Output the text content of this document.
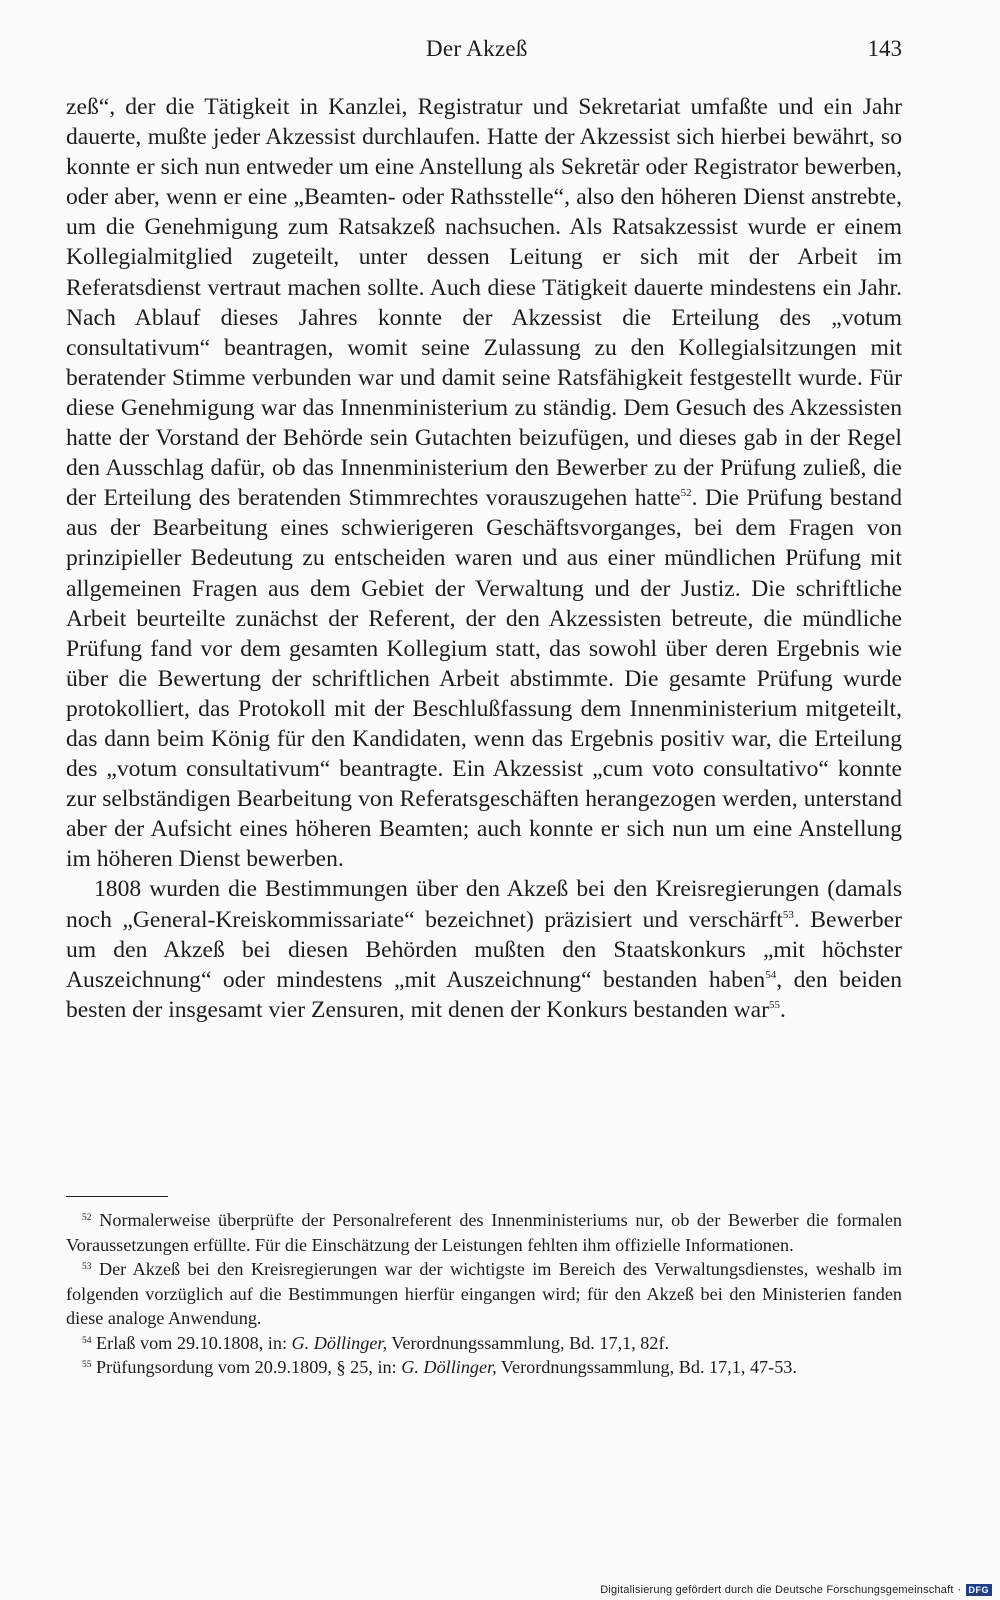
Der Akzeß	143

zeß“, der die Tätigkeit in Kanzlei, Registratur und Sekretariat umfaßte und ein Jahr dauerte, mußte jeder Akzessist durchlaufen. Hatte der Akzessist sich hierbei bewährt, so konnte er sich nun entweder um eine Anstellung als Sekretär oder Registrator bewerben, oder aber, wenn er eine „Beamten- oder Rathsstelle“, also den höheren Dienst anstrebte, um die Genehmigung zum Ratsakzeß nachsuchen. Als Ratsakzessist wurde er einem Kollegialmitglied zugeteilt, unter dessen Leitung er sich mit der Arbeit im Referatsdienst vertraut machen sollte. Auch diese Tätigkeit dauerte mindestens ein Jahr. Nach Ablauf dieses Jahres konnte der Akzessist die Erteilung des „votum consultativum“ beantragen, womit seine Zulassung zu den Kollegialsitzungen mit beratender Stimme verbunden war und damit seine Ratsfähigkeit festgestellt wurde. Für diese Genehmigung war das Innenministerium zu ständig. Dem Gesuch des Akzessisten hatte der Vorstand der Behörde sein Gutachten beizufügen, und dieses gab in der Regel den Ausschlag dafür, ob das Innenministerium den Bewerber zu der Prüfung zuließ, die der Erteilung des beratenden Stimmrechtes vorauszugehen hatte$^{52}$. Die Prüfung bestand aus der Bearbeitung eines schwierigeren Geschäftsvorganges, bei dem Fragen von prinzipieller Bedeutung zu entscheiden waren und aus einer mündlichen Prüfung mit allgemeinen Fragen aus dem Gebiet der Verwaltung und der Justiz. Die schriftliche Arbeit beurteilte zunächst der Referent, der den Akzessisten betreute, die mündliche Prüfung fand vor dem gesamten Kollegium statt, das sowohl über deren Ergebnis wie über die Bewertung der schriftlichen Arbeit abstimmte. Die gesamte Prüfung wurde protokolliert, das Protokoll mit der Beschlußfassung dem Innenministerium mitgeteilt, das dann beim König für den Kandidaten, wenn das Ergebnis positiv war, die Erteilung des „votum consultativum“ beantragte. Ein Akzessist „cum voto consultativo“ konnte zur selbständigen Bearbeitung von Referatsgeschäften herangezogen werden, unterstand aber der Aufsicht eines höheren Beamten; auch konnte er sich nun um eine Anstellung im höheren Dienst bewerben.

1808 wurden die Bestimmungen über den Akzeß bei den Kreisregierungen (damals noch „General-Kreiskommissariate“ bezeichnet) präzisiert und verschärft$^{53}$. Bewerber um den Akzeß bei diesen Behörden mußten den Staatskonkurs „mit höchster Auszeichnung“ oder mindestens „mit Auszeichnung“ bestanden haben$^{54}$, den beiden besten der insgesamt vier Zensuren, mit denen der Konkurs bestanden war$^{55}$.

$^{52}$ Normalerweise überprüfte der Personalreferent des Innenministeriums nur, ob der Bewerber die formalen Voraussetzungen erfüllte. Für die Einschätzung der Leistungen fehlten ihm offizielle Informationen.

$^{53}$ Der Akzeß bei den Kreisregierungen war der wichtigste im Bereich des Verwaltungsdienstes, weshalb im folgenden vorzüglich auf die Bestimmungen hierfür eingangen wird; für den Akzeß bei den Ministerien fanden diese analoge Anwendung.

$^{54}$ Erlaß vom 29.10.1808, in: G. Döllinger, Verordnungssammlung, Bd. 17,1, 82f.

$^{55}$ Prüfungsordung vom 20.9.1809, § 25, in: G. Döllinger, Verordnungssammlung, Bd. 17,1, 47-53.

Digitalisierung gefördert durch die Deutsche Forschungsgemeinschaft · DFG
